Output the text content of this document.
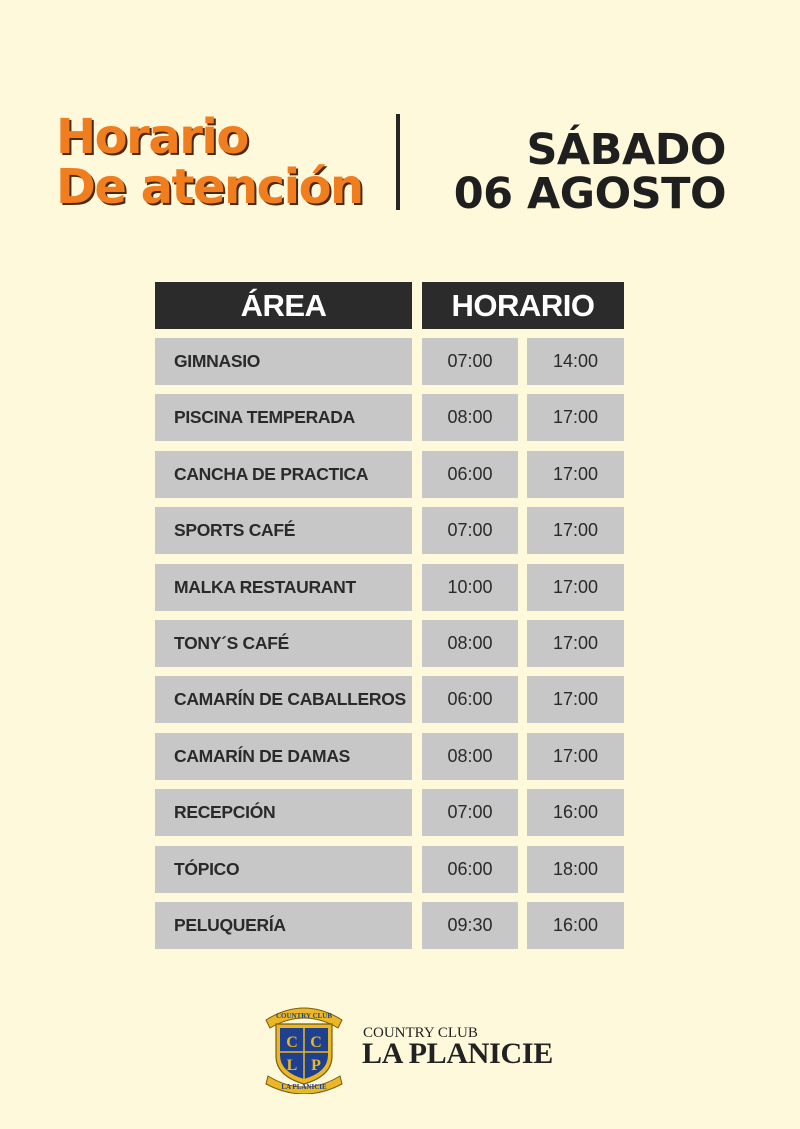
Horario
De atención
SÁBADO
06 AGOSTO
ÁREA	HORARIO
GIMNASIO	07:00	14:00
PISCINA TEMPERADA	08:00	17:00
CANCHA DE PRACTICA	06:00	17:00
SPORTS CAFÉ	07:00	17:00
MALKA RESTAURANT	10:00	17:00
TONY´S CAFÉ	08:00	17:00
CAMARÍN DE CABALLEROS	06:00	17:00
CAMARÍN DE DAMAS	08:00	17:00
RECEPCIÓN	07:00	16:00
TÓPICO	06:00	18:00
PELUQUERÍA	09:30	16:00
COUNTRY CLUB
C C
L P
LA PLANICIE
COUNTRY CLUB
LA PLANICIE
